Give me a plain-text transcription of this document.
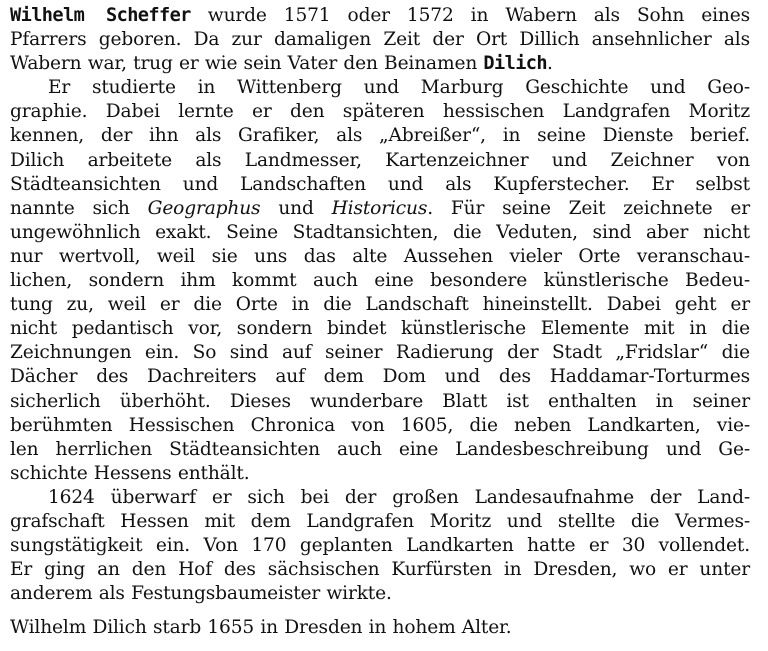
Wilhelm Scheffer wurde 1571 oder 1572 in Wabern als Sohn eines
Pfarrers geboren. Da zur damaligen Zeit der Ort Dillich ansehnlicher als
Wabern war, trug er wie sein Vater den Beinamen Dilich.
Er studierte in Wittenberg und Marburg Geschichte und Geo-
graphie. Dabei lernte er den späteren hessischen Landgrafen Moritz
kennen, der ihn als Grafiker, als „Abreißer“, in seine Dienste berief.
Dilich arbeitete als Landmesser, Kartenzeichner und Zeichner von
Städteansichten und Landschaften und als Kupferstecher. Er selbst
nannte sich Geographus und Historicus. Für seine Zeit zeichnete er
ungewöhnlich exakt. Seine Stadtansichten, die Veduten, sind aber nicht
nur wertvoll, weil sie uns das alte Aussehen vieler Orte veranschau-
lichen, sondern ihm kommt auch eine besondere künstlerische Bedeu-
tung zu, weil er die Orte in die Landschaft hineinstellt. Dabei geht er
nicht pedantisch vor, sondern bindet künstlerische Elemente mit in die
Zeichnungen ein. So sind auf seiner Radierung der Stadt „Fridslar“ die
Dächer des Dachreiters auf dem Dom und des Haddamar-Torturmes
sicherlich überhöht. Dieses wunderbare Blatt ist enthalten in seiner
berühmten Hessischen Chronica von 1605, die neben Landkarten, vie-
len herrlichen Städteansichten auch eine Landesbeschreibung und Ge-
schichte Hessens enthält.
1624 überwarf er sich bei der großen Landesaufnahme der Land-
grafschaft Hessen mit dem Landgrafen Moritz und stellte die Vermes-
sungstätigkeit ein. Von 170 geplanten Landkarten hatte er 30 vollendet.
Er ging an den Hof des sächsischen Kurfürsten in Dresden, wo er unter
anderem als Festungsbaumeister wirkte.
Wilhelm Dilich starb 1655 in Dresden in hohem Alter.
